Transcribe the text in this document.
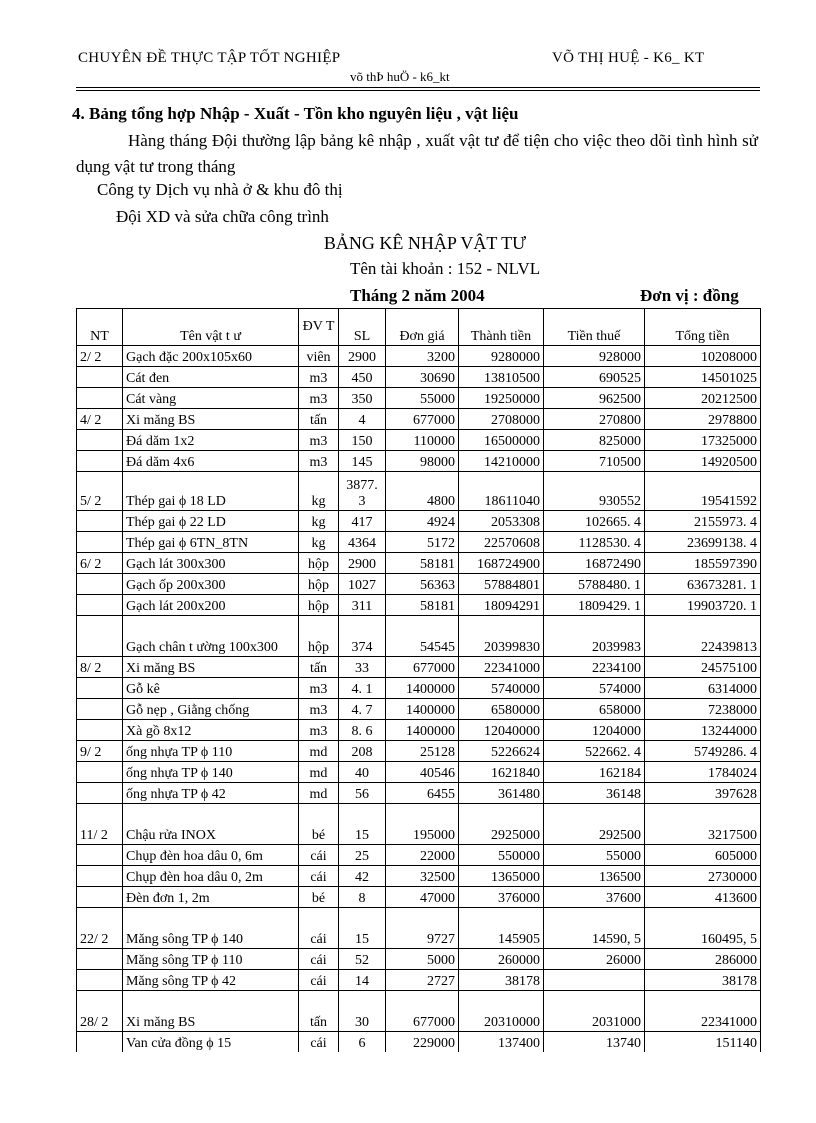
CHUYÊN ĐỀ THỰC TẬP TỐT NGHIỆP	VÕ THỊ HUỆ - K6_ KT
võ thÞ huÖ - k6_kt
4. Bảng tổng hợp Nhập - Xuất - Tồn kho nguyên liệu , vật liệu
Hàng tháng Đội thường lập bảng kê nhập , xuất vật tư để tiện cho việc theo dõi tình hình sử dụng vật tư trong tháng
Công ty Dịch vụ nhà ở & khu đô thị
Đội XD và sửa chữa công trình
BẢNG KÊ NHẬP VẬT TƯ
Tên tài khoản : 152 - NLVL
Tháng 2 năm 2004	Đơn vị : đồng
NT	Tên vật t ư	ĐV T	SL	Đơn giá	Thành tiền	Tiền thuế	Tổng tiền
2/ 2	Gạch đặc 200x105x60	viên	2900	3200	9280000	928000	10208000
	Cát đen	m3	450	30690	13810500	690525	14501025
	Cát vàng	m3	350	55000	19250000	962500	20212500
4/ 2	Xi măng BS	tấn	4	677000	2708000	270800	2978800
	Đá dăm 1x2	m3	150	110000	16500000	825000	17325000
	Đá dăm 4x6	m3	145	98000	14210000	710500	14920500
5/ 2	Thép gai ϕ 18 LD	kg	3877. 3	4800	18611040	930552	19541592
	Thép gai ϕ 22 LD	kg	417	4924	2053308	102665. 4	2155973. 4
	Thép gai ϕ 6TN_8TN	kg	4364	5172	22570608	1128530. 4	23699138. 4
6/ 2	Gạch lát 300x300	hộp	2900	58181	168724900	16872490	185597390
	Gạch ốp 200x300	hộp	1027	56363	57884801	5788480. 1	63673281. 1
	Gạch lát 200x200	hộp	311	58181	18094291	1809429. 1	19903720. 1
	Gạch chân t ường 100x300	hộp	374	54545	20399830	2039983	22439813
8/ 2	Xi măng BS	tấn	33	677000	22341000	2234100	24575100
	Gỗ kê	m3	4. 1	1400000	5740000	574000	6314000
	Gỗ nẹp , Giằng chống	m3	4. 7	1400000	6580000	658000	7238000
	Xà gồ 8x12	m3	8. 6	1400000	12040000	1204000	13244000
9/ 2	ống nhựa TP ϕ 110	md	208	25128	5226624	522662. 4	5749286. 4
	ống nhựa TP ϕ 140	md	40	40546	1621840	162184	1784024
	ống nhựa TP ϕ 42	md	56	6455	361480	36148	397628
11/ 2	Chậu rửa INOX	bé	15	195000	2925000	292500	3217500
	Chụp đèn hoa dâu 0, 6m	cái	25	22000	550000	55000	605000
	Chụp đèn hoa dâu 0, 2m	cái	42	32500	1365000	136500	2730000
	Đèn đơn 1, 2m	bé	8	47000	376000	37600	413600
22/ 2	Măng sông TP ϕ 140	cái	15	9727	145905	14590, 5	160495, 5
	Măng sông TP ϕ 110	cái	52	5000	260000	26000	286000
	Măng sông TP ϕ 42	cái	14	2727	38178		38178
28/ 2	Xi măng BS	tấn	30	677000	20310000	2031000	22341000
	Van cửa đồng ϕ 15	cái	6	229000	137400	13740	151140
